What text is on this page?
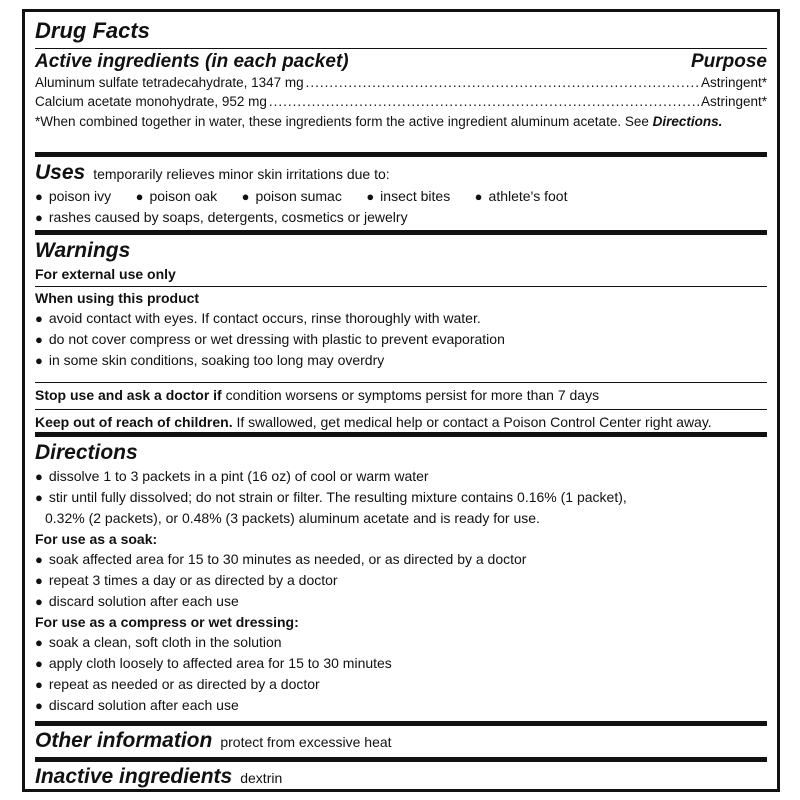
Drug Facts
Active ingredients (in each packet)	Purpose
Aluminum sulfate tetradecahydrate, 1347 mg .....	Astringent*
Calcium acetate monohydrate, 952 mg .....	Astringent*
*When combined together in water, these ingredients form the active ingredient aluminum acetate. See Directions.
Uses temporarily relieves minor skin irritations due to:
● poison ivy	● poison oak	● poison sumac	● insect bites	● athlete's foot
● rashes caused by soaps, detergents, cosmetics or jewelry
Warnings
For external use only
When using this product
● avoid contact with eyes. If contact occurs, rinse thoroughly with water.
● do not cover compress or wet dressing with plastic to prevent evaporation
● in some skin conditions, soaking too long may overdry
Stop use and ask a doctor if condition worsens or symptoms persist for more than 7 days
Keep out of reach of children. If swallowed, get medical help or contact a Poison Control Center right away.
Directions
● dissolve 1 to 3 packets in a pint (16 oz) of cool or warm water
● stir until fully dissolved; do not strain or filter. The resulting mixture contains 0.16% (1 packet),
0.32% (2 packets), or 0.48% (3 packets) aluminum acetate and is ready for use.
For use as a soak:
● soak affected area for 15 to 30 minutes as needed, or as directed by a doctor
● repeat 3 times a day or as directed by a doctor
● discard solution after each use
For use as a compress or wet dressing:
● soak a clean, soft cloth in the solution
● apply cloth loosely to affected area for 15 to 30 minutes
● repeat as needed or as directed by a doctor
● discard solution after each use
Other information protect from excessive heat
Inactive ingredients dextrin
